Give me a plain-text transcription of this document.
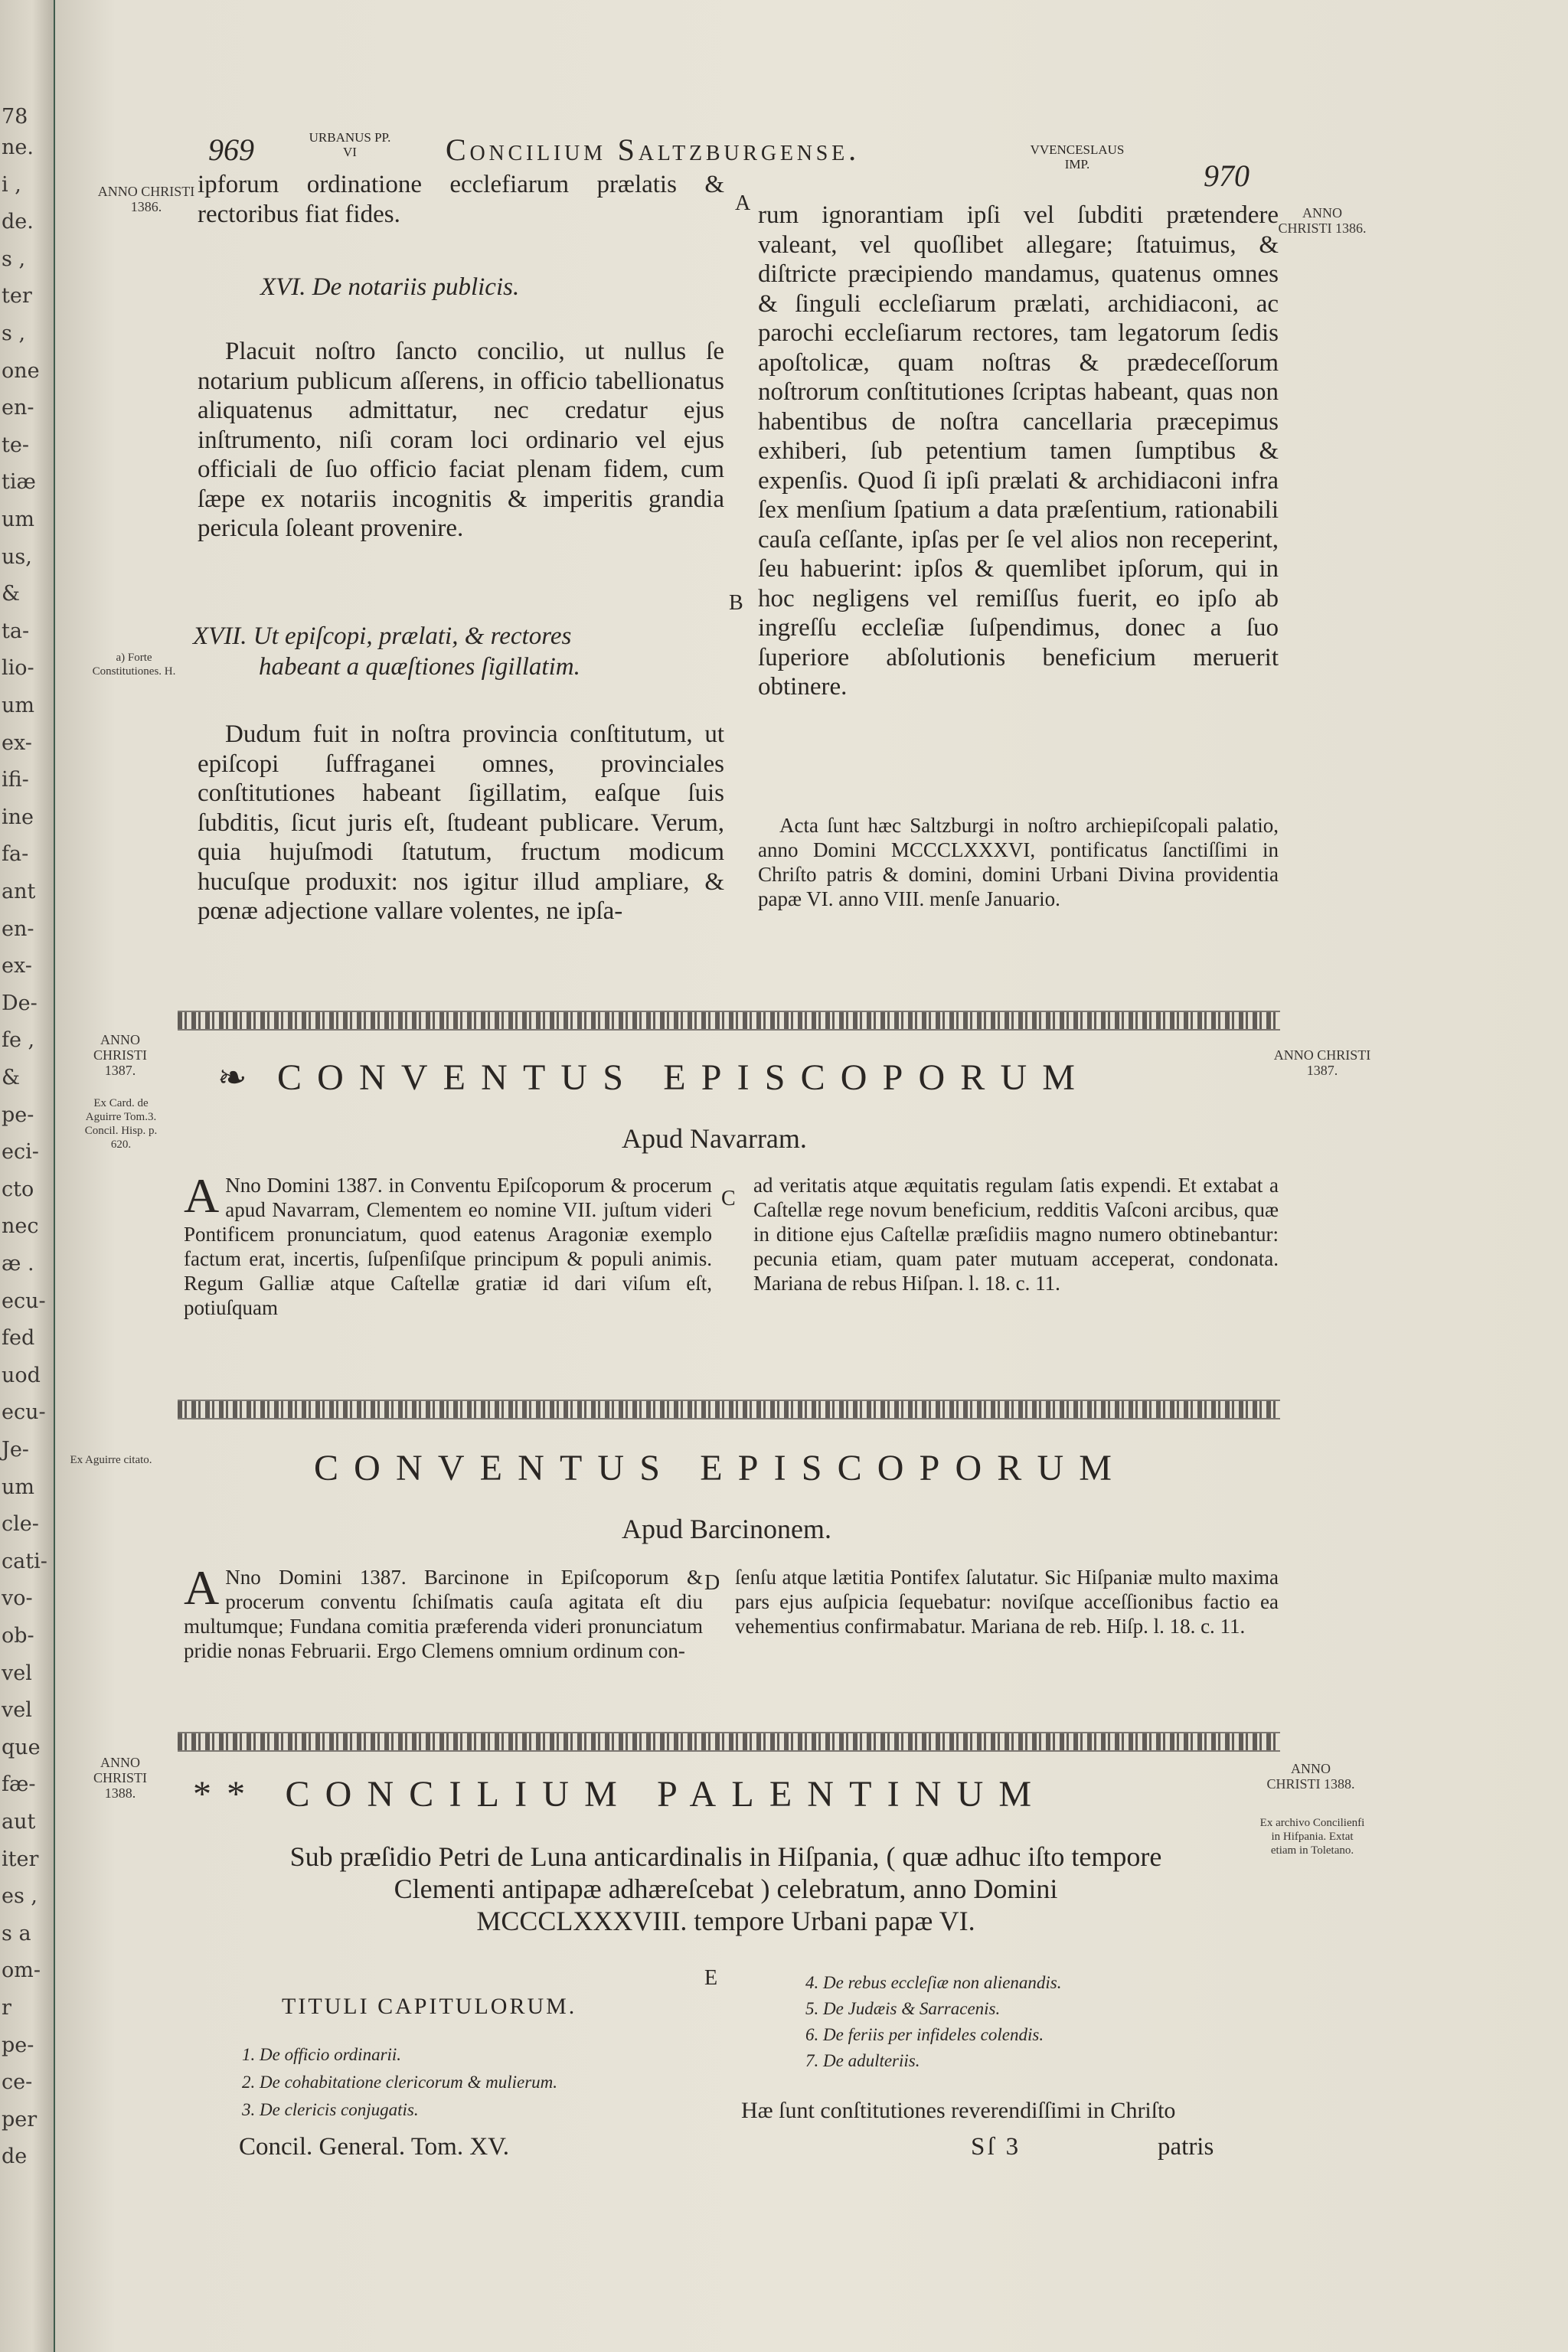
78
ne.
i ,
de.
s ,
ter
s ,
one
en-
te-
tiæ
um
us,
&
ta-
lio-
um
ex-
ifi-
ine
fa-
ant
en-
ex-
De-
fe ,
&
pe-
eci-
cto
nec
æ .
ecu-
fed
uod
ecu-
Je-
um
cle-
cati-
vo-
ob-
vel
vel
que
fæ-
aut
iter
es ,
s a
om-
r
pe-
ce-
per
de
969	URBANUS PP. VI	Concilium Saltzburgense.	VVENCESLAUS IMP.	970
ANNO CHRISTI 1386.	ANNO CHRISTI 1386.
a) Forte Constitutiones. H.
ANNO CHRISTI 1387.
Ex Card. de Aguirre Tom.3. Concil. Hisp. p. 620.
ANNO CHRISTI 1387.
Ex Aguirre citato.
ANNO CHRISTI 1388.
ANNO CHRISTI 1388.
Ex archivo Concilienfi in Hifpania. Extat etiam in Toletano.
A
B
C
D
E
ipforum ordinatione ecclefiarum prælatis & rectoribus fiat fides.
XVI. De notariis publicis.
Placuit noſtro ſancto concilio, ut nullus ſe notarium publicum aſſerens, in officio tabellionatus aliquatenus admittatur, nec credatur ejus inſtrumento, niſi coram loci ordinario vel ejus officiali de ſuo officio faciat plenam fidem, cum ſæpe ex notariis incognitis & imperitis grandia pericula ſoleant provenire.
XVII. Ut epiſcopi, prælati, & rectores
habeant a quæſtiones ſigillatim.
Dudum fuit in noſtra provincia conſtitutum, ut epiſcopi ſuffraganei omnes, provinciales conſtitutiones habeant ſigillatim, eaſque ſuis ſubditis, ſicut juris eſt, ſtudeant publicare. Verum, quia hujuſmodi ſtatutum, fructum modicum hucuſque produxit: nos igitur illud ampliare, & pœnæ adjectione vallare volentes, ne ipſa-
rum ignorantiam ipſi vel ſubditi prætendere valeant, vel quoſlibet allegare; ſtatuimus, & diſtricte præcipiendo mandamus, quatenus omnes & ſinguli eccleſiarum prælati, archidiaconi, ac parochi eccleſiarum rectores, tam legatorum ſedis apoſtolicæ, quam noſtras & prædeceſſorum noſtrorum conſtitutiones ſcriptas habeant, quas non habentibus de noſtra cancellaria præcepimus exhiberi, ſub petentium tamen ſumptibus & expenſis. Quod ſi ipſi prælati & archidiaconi infra ſex menſium ſpatium a data præſentium, rationabili cauſa ceſſante, ipſas per ſe vel alios non receperint, ſeu habuerint: ipſos & quemlibet ipſorum, qui in hoc negligens vel remiſſus fuerit, eo ipſo ab ingreſſu eccleſiæ ſuſpendimus, donec a ſuo ſuperiore abſolutionis beneficium meruerit obtinere.
Acta ſunt hæc Saltzburgi in noſtro archiepiſcopali palatio, anno Domini MCCCLXXXVI, pontificatus ſanctiſſimi in Chriſto patris & domini, domini Urbani Divina providentia papæ VI. anno VIII. menſe Januario.
❧ CONVENTUS EPISCOPORUM
Apud Navarram.
A Nno Domini 1387. in Conventu Epiſcoporum & procerum apud Navarram, Clementem eo nomine VII. juſtum videri Pontificem pronunciatum, quod eatenus Aragoniæ exemplo factum erat, incertis, ſuſpenſiſque principum & populi animis. Regum Galliæ atque Caſtellæ gratiæ id dari viſum eſt, potiuſquam
ad veritatis atque æquitatis regulam ſatis expendi. Et extabat a Caſtellæ rege novum beneficium, redditis Vaſconi arcibus, quæ in ditione ejus Caſtellæ præſidiis magno numero obtinebantur: pecunia etiam, quam pater mutuam acceperat, condonata. Mariana de rebus Hiſpan. l. 18. c. 11.
CONVENTUS EPISCOPORUM
Apud Barcinonem.
A Nno Domini 1387. Barcinone in Epiſcoporum & procerum conventu ſchiſmatis cauſa agitata eſt diu multumque; Fundana comitia præferenda videri pronunciatum pridie nonas Februarii. Ergo Clemens omnium ordinum con-
ſenſu atque lætitia Pontifex ſalutatur. Sic Hiſpaniæ multo maxima pars ejus auſpicia ſequebatur: noviſque acceſſionibus factio ea vehementius confirmabatur. Mariana de reb. Hiſp. l. 18. c. 11.
** CONCILIUM PALENTINUM
Sub præſidio Petri de Luna anticardinalis in Hiſpania, ( quæ adhuc iſto tempore
Clementi antipapæ adhæreſcebat ) celebratum, anno Domini
MCCCLXXXVIII. tempore Urbani papæ VI.
TITULI CAPITULORUM.
1. De officio ordinarii.
2. De cohabitatione clericorum & mulierum.
3. De clericis conjugatis.
4. De rebus eccleſiæ non alienandis.
5. De Judæis & Sarracenis.
6. De feriis per infideles colendis.
7. De adulteriis.
Hæ ſunt conſtitutiones reverendiſſimi in Chriſto
Concil. General. Tom. XV.	Sſ 3	patris
